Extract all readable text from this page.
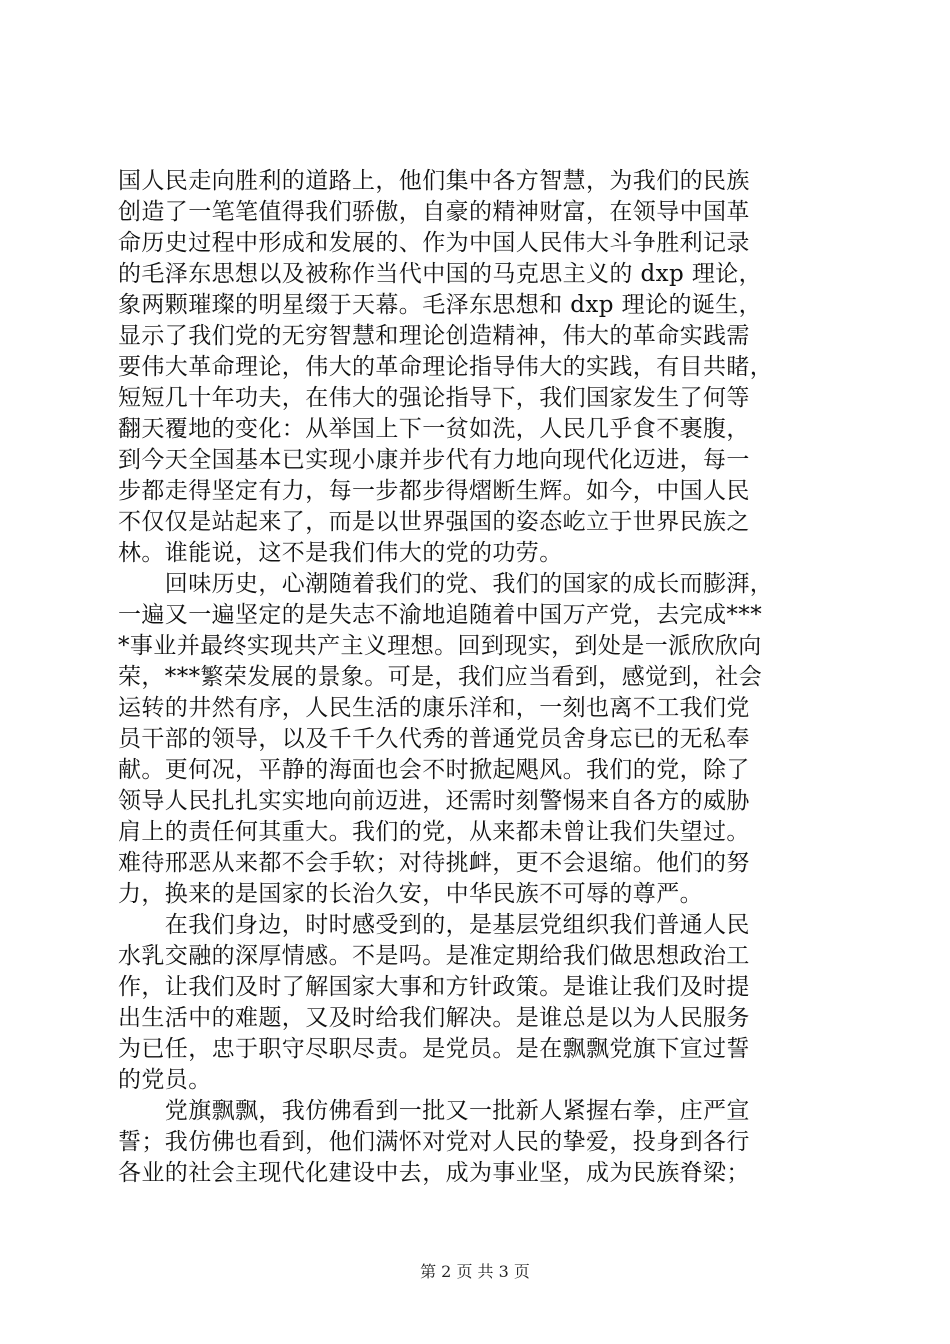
国人民走向胜利的道路上，他们集中各方智慧，为我们的民族
创造了一笔笔值得我们骄傲，自豪的精神财富，在领导中国革
命历史过程中形成和发展的、作为中国人民伟大斗争胜利记录
的毛泽东思想以及被称作当代中国的马克思主义的 dxp 理论，
象两颗璀璨的明星缀于天幕。毛泽东思想和 dxp 理论的诞生，
显示了我们党的无穷智慧和理论创造精神，伟大的革命实践需
要伟大革命理论，伟大的革命理论指导伟大的实践，有目共睹，
短短几十年功夫，在伟大的强论指导下，我们国家发生了何等
翻天覆地的变化：从举国上下一贫如洗，人民几乎食不裹腹，
到今天全国基本已实现小康并步代有力地向现代化迈进，每一
步都走得坚定有力，每一步都步得熠断生辉。如今，中国人民
不仅仅是站起来了，而是以世界强国的姿态屹立于世界民族之
林。谁能说，这不是我们伟大的党的功劳。
　　回味历史，心潮随着我们的党、我们的国家的成长而膨湃，
一遍又一遍坚定的是失志不渝地追随着中国万产党，去完成***
*事业并最终实现共产主义理想。回到现实，到处是一派欣欣向
荣，***繁荣发展的景象。可是，我们应当看到，感觉到，社会
运转的井然有序，人民生活的康乐洋和，一刻也离不工我们党
员干部的领导，以及千千久代秀的普通党员舍身忘已的无私奉
献。更何况，平静的海面也会不时掀起飓风。我们的党，除了
领导人民扎扎实实地向前迈进，还需时刻警惕来自各方的威胁
肩上的责任何其重大。我们的党，从来都未曾让我们失望过。
难待邢恶从来都不会手软；对待挑衅，更不会退缩。他们的努
力，换来的是国家的长治久安，中华民族不可辱的尊严。
　　在我们身边，时时感受到的，是基层党组织我们普通人民
水乳交融的深厚情感。不是吗。是准定期给我们做思想政治工
作，让我们及时了解国家大事和方针政策。是谁让我们及时提
出生活中的难题，又及时给我们解决。是谁总是以为人民服务
为已任，忠于职守尽职尽责。是党员。是在飘飘党旗下宣过誓
的党员。
　　党旗飘飘，我仿佛看到一批又一批新人紧握右拳，庄严宣
誓；我仿佛也看到，他们满怀对党对人民的挚爱，投身到各行
各业的社会主现代化建设中去，成为事业坚，成为民族脊梁；
第 2 页 共 3 页
